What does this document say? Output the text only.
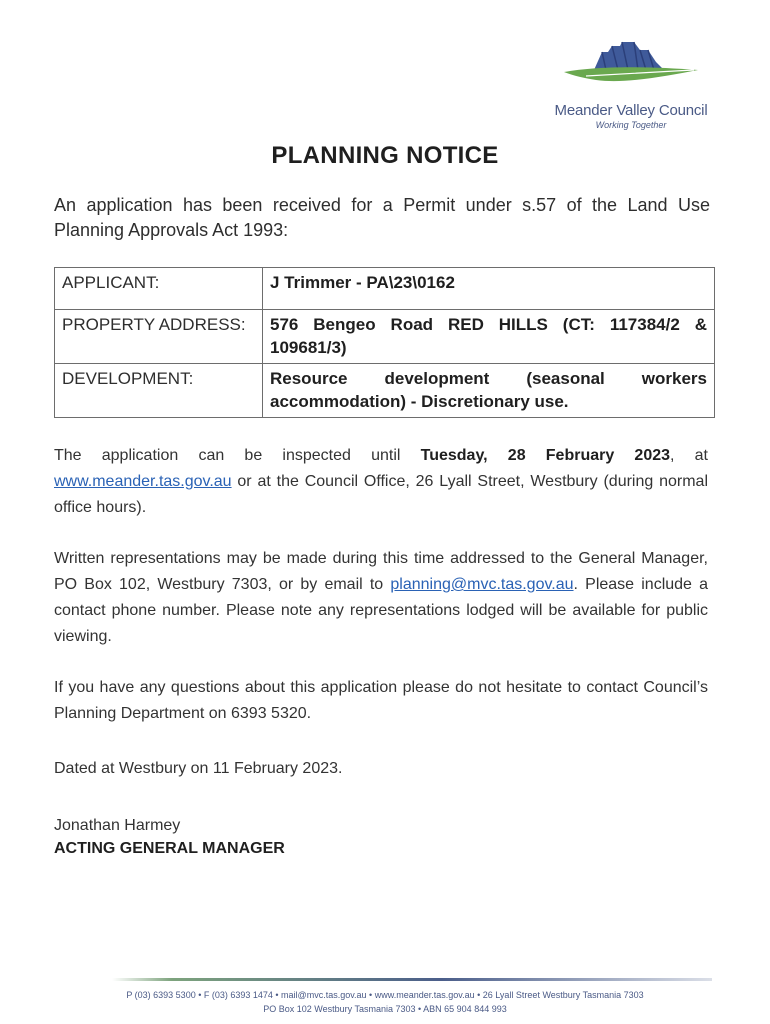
Meander Valley Council
Working Together
PLANNING NOTICE
An application has been received for a Permit under s.57 of the Land Use Planning Approvals Act 1993:
APPLICANT:	J Trimmer - PA\23\0162
PROPERTY ADDRESS:	576 Bengeo Road RED HILLS (CT: 117384/2 & 109681/3)
DEVELOPMENT:	Resource development (seasonal workers accommodation) - Discretionary use.
The application can be inspected until Tuesday, 28 February 2023, at www.meander.tas.gov.au or at the Council Office, 26 Lyall Street, Westbury (during normal office hours).
Written representations may be made during this time addressed to the General Manager, PO Box 102, Westbury 7303, or by email to planning@mvc.tas.gov.au. Please include a contact phone number. Please note any representations lodged will be available for public viewing.
If you have any questions about this application please do not hesitate to contact Council’s Planning Department on 6393 5320.
Dated at Westbury on 11 February 2023.
Jonathan Harmey
ACTING GENERAL MANAGER
P (03) 6393 5300 • F (03) 6393 1474 • mail@mvc.tas.gov.au • www.meander.tas.gov.au • 26 Lyall Street Westbury Tasmania 7303
PO Box 102 Westbury Tasmania 7303 • ABN 65 904 844 993
